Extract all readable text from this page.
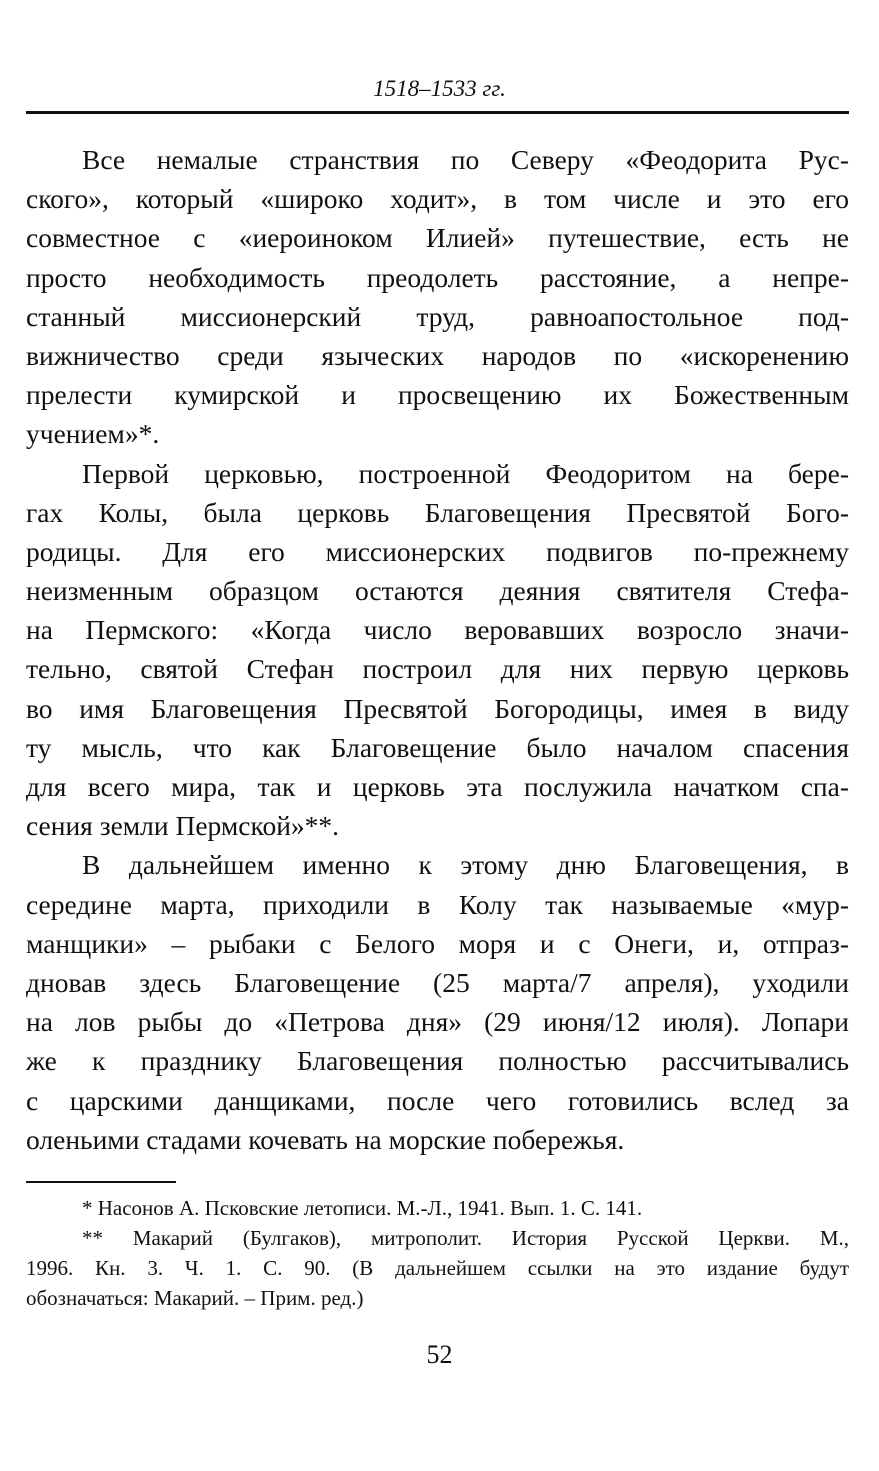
1518–1533 гг.
Все немалые странствия по Северу «Феодорита Рус-
ского», который «широко ходит», в том числе и это его
совместное с «иероиноком Илией» путешествие, есть не
просто необходимость преодолеть расстояние, а непре-
станный миссионерский труд, равноапостольное под-
вижничество среди языческих народов по «искоренению
прелести кумирской и просвещению их Божественным
учением»*.
Первой церковью, построенной Феодоритом на бере-
гах Колы, была церковь Благовещения Пресвятой Бого-
родицы. Для его миссионерских подвигов по-прежнему
неизменным образцом остаются деяния святителя Стефа-
на Пермского: «Когда число веровавших возросло значи-
тельно, святой Стефан построил для них первую церковь
во имя Благовещения Пресвятой Богородицы, имея в виду
ту мысль, что как Благовещение было началом спасения
для всего мира, так и церковь эта послужила начатком спа-
сения земли Пермской»**.
В дальнейшем именно к этому дню Благовещения, в
середине марта, приходили в Колу так называемые «мур-
манщики» – рыбаки с Белого моря и с Онеги, и, отпраз-
дновав здесь Благовещение (25 марта/7 апреля), уходили
на лов рыбы до «Петрова дня» (29 июня/12 июля). Лопари
же к празднику Благовещения полностью рассчитывались
с царскими данщиками, после чего готовились вслед за
оленьими стадами кочевать на морские побережья.
* Насонов А. Псковские летописи. М.-Л., 1941. Вып. 1. С. 141.
** Макарий (Булгаков), митрополит. История Русской Церкви. М.,
1996. Кн. 3. Ч. 1. С. 90. (В дальнейшем ссылки на это издание будут
обозначаться: Макарий. – Прим. ред.)
52
